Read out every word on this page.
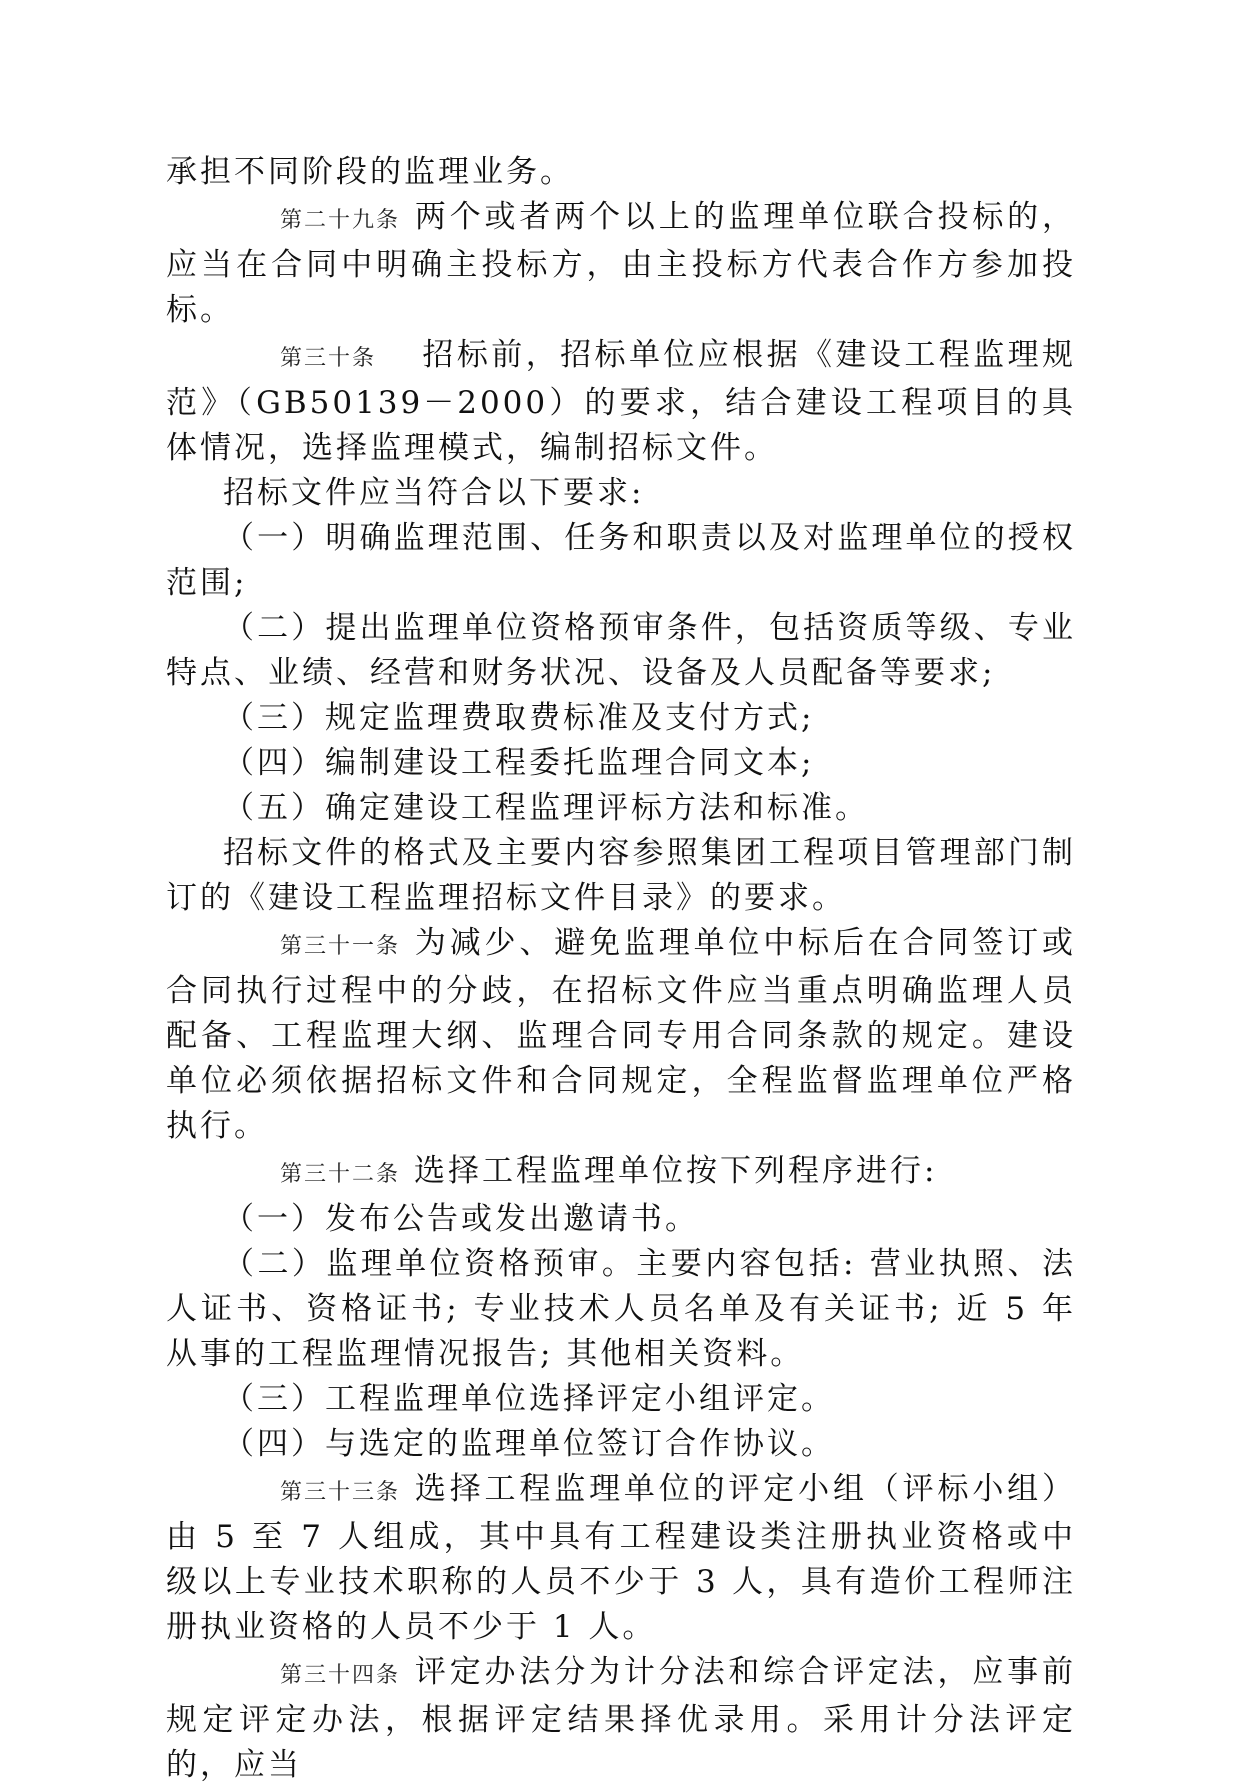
承担不同阶段的监理业务。

第二十九条 两个或者两个以上的监理单位联合投标的，应当在合同中明确主投标方，由主投标方代表合作方参加投标。

第三十条 招标前，招标单位应根据《建设工程监理规范》（GB50139－2000）的要求，结合建设工程项目的具体情况，选择监理模式，编制招标文件。

招标文件应当符合以下要求:

（一）明确监理范围、任务和职责以及对监理单位的授权范围;

（二）提出监理单位资格预审条件，包括资质等级、专业特点、业绩、经营和财务状况、设备及人员配备等要求;

（三）规定监理费取费标准及支付方式;

（四）编制建设工程委托监理合同文本;

（五）确定建设工程监理评标方法和标准。

招标文件的格式及主要内容参照集团工程项目管理部门制订的《建设工程监理招标文件目录》的要求。

第三十一条 为减少、避免监理单位中标后在合同签订或合同执行过程中的分歧，在招标文件应当重点明确监理人员配备、工程监理大纲、监理合同专用合同条款的规定。建设单位必须依据招标文件和合同规定，全程监督监理单位严格执行。

第三十二条 选择工程监理单位按下列程序进行:

（一）发布公告或发出邀请书。

（二）监理单位资格预审。主要内容包括: 营业执照、法人证书、资格证书; 专业技术人员名单及有关证书; 近 5 年从事的工程监理情况报告; 其他相关资料。

（三）工程监理单位选择评定小组评定。

（四）与选定的监理单位签订合作协议。

第三十三条 选择工程监理单位的评定小组（评标小组）由 5 至 7 人组成，其中具有工程建设类注册执业资格或中级以上专业技术职称的人员不少于 3 人，具有造价工程师注册执业资格的人员不少于 1 人。

第三十四条 评定办法分为计分法和综合评定法，应事前规定评定办法，根据评定结果择优录用。采用计分法评定的，应当
